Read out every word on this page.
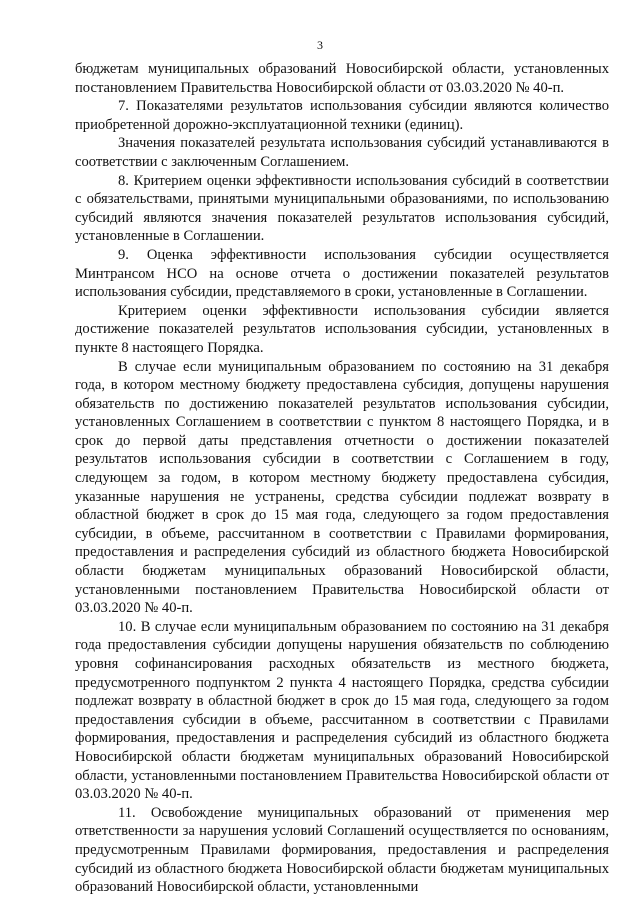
3

бюджетам муниципальных образований Новосибирской области, установленных постановлением Правительства Новосибирской области от 03.03.2020 № 40-п.

7. Показателями результатов использования субсидии являются количество приобретенной дорожно-эксплуатационной техники (единиц).

Значения показателей результата использования субсидий устанавливаются в соответствии с заключенным Соглашением.

8. Критерием оценки эффективности использования субсидий в соответствии с обязательствами, принятыми муниципальными образованиями, по использованию субсидий являются значения показателей результатов использования субсидий, установленные в Соглашении.

9. Оценка эффективности использования субсидии осуществляется Минтрансом НСО на основе отчета о достижении показателей результатов использования субсидии, представляемого в сроки, установленные в Соглашении.

Критерием оценки эффективности использования субсидии является достижение показателей результатов использования субсидии, установленных в пункте 8 настоящего Порядка.

В случае если муниципальным образованием по состоянию на 31 декабря года, в котором местному бюджету предоставлена субсидия, допущены нарушения обязательств по достижению показателей результатов использования субсидии, установленных Соглашением в соответствии с пунктом 8 настоящего Порядка, и в срок до первой даты представления отчетности о достижении показателей результатов использования субсидии в соответствии с Соглашением в году, следующем за годом, в котором местному бюджету предоставлена субсидия, указанные нарушения не устранены, средства субсидии подлежат возврату в областной бюджет в срок до 15 мая года, следующего за годом предоставления субсидии, в объеме, рассчитанном в соответствии с Правилами формирования, предоставления и распределения субсидий из областного бюджета Новосибирской области бюджетам муниципальных образований Новосибирской области, установленными постановлением Правительства Новосибирской области от 03.03.2020 № 40-п.

10. В случае если муниципальным образованием по состоянию на 31 декабря года предоставления субсидии допущены нарушения обязательств по соблюдению уровня софинансирования расходных обязательств из местного бюджета, предусмотренного подпунктом 2 пункта 4 настоящего Порядка, средства субсидии подлежат возврату в областной бюджет в срок до 15 мая года, следующего за годом предоставления субсидии в объеме, рассчитанном в соответствии с Правилами формирования, предоставления и распределения субсидий из областного бюджета Новосибирской области бюджетам муниципальных образований Новосибирской области, установленными постановлением Правительства Новосибирской области от 03.03.2020 № 40-п.

11. Освобождение муниципальных образований от применения мер ответственности за нарушения условий Соглашений осуществляется по основаниям, предусмотренным Правилами формирования, предоставления и распределения субсидий из областного бюджета Новосибирской области бюджетам муниципальных образований Новосибирской области, установленными
